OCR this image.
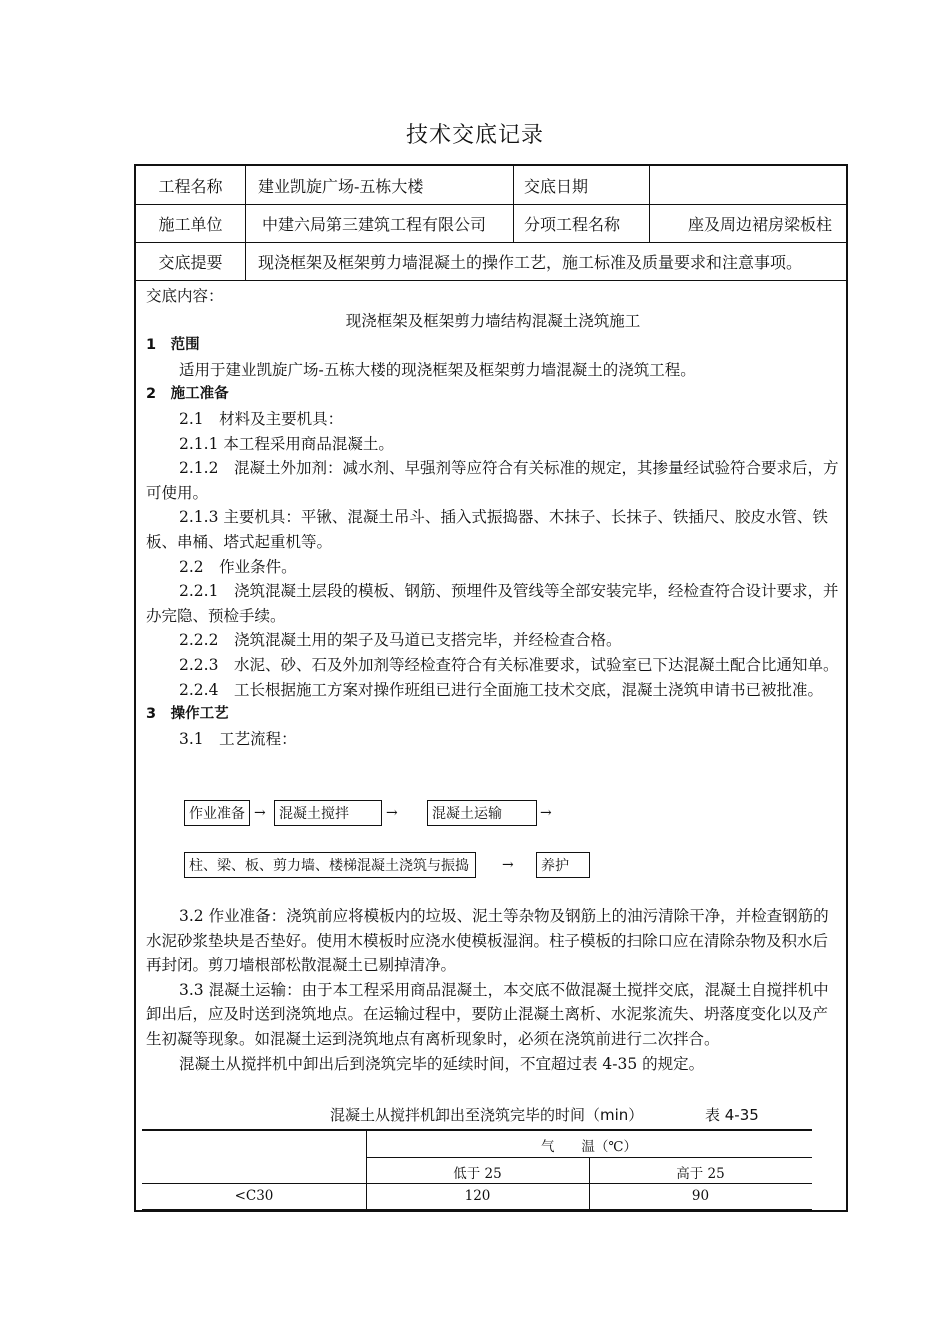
技术交底记录
工程名称	建业凯旋广场-五栋大楼	交底日期
施工单位	中建六局第三建筑工程有限公司	分项工程名称	座及周边裙房梁板柱
交底提要	现浇框架及框架剪力墙混凝土的操作工艺，施工标准及质量要求和注意事项。

交底内容：

现浇框架及框架剪力墙结构混凝土浇筑施工

1　范围

适用于建业凯旋广场-五栋大楼的现浇框架及框架剪力墙混凝土的浇筑工程。

2　施工准备

2.1　材料及主要机具：

2.1.1 本工程采用商品混凝土。

2.1.2　混凝土外加剂：减水剂、早强剂等应符合有关标准的规定，其掺量经试验符合要求后，方可使用。

2.1.3 主要机具：平锹、混凝土吊斗、插入式振捣器、木抹子、长抹子、铁插尺、胶皮水管、铁板、串桶、塔式起重机等。

2.2　作业条件。

2.2.1　浇筑混凝土层段的模板、钢筋、预埋件及管线等全部安装完毕，经检查符合设计要求，并办完隐、预检手续。

2.2.2　浇筑混凝土用的架子及马道已支搭完毕，并经检查合格。

2.2.3　水泥、砂、石及外加剂等经检查符合有关标准要求，试验室已下达混凝土配合比通知单。

2.2.4　工长根据施工方案对操作班组已进行全面施工技术交底，混凝土浇筑申请书已被批准。

3　操作工艺

3.1　工艺流程：

作业准备 → 混凝土搅拌	→	混凝土运输	→
柱、梁、板、剪力墙、楼梯混凝土浇筑与振捣	→	养护

3.2 作业准备：浇筑前应将模板内的垃圾、泥土等杂物及钢筋上的油污清除干净，并检查钢筋的水泥砂浆垫块是否垫好。使用木模板时应浇水使模板湿润。柱子模板的扫除口应在清除杂物及积水后再封闭。剪刀墙根部松散混凝土已剔掉清净。

3.3 混凝土运输：由于本工程采用商品混凝土，本交底不做混凝土搅拌交底，混凝土自搅拌机中卸出后，应及时送到浇筑地点。在运输过程中，要防止混凝土离析、水泥浆流失、坍落度变化以及产生初凝等现象。如混凝土运到浇筑地点有离析现象时，必须在浇筑前进行二次拌合。

混凝土从搅拌机中卸出后到浇筑完毕的延续时间，不宜超过表 4-35 的规定。

混凝土从搅拌机卸出至浇筑完毕的时间（min）	表 4-35
气　　温（℃）
低于 25	高于 25
<C30	120	90
